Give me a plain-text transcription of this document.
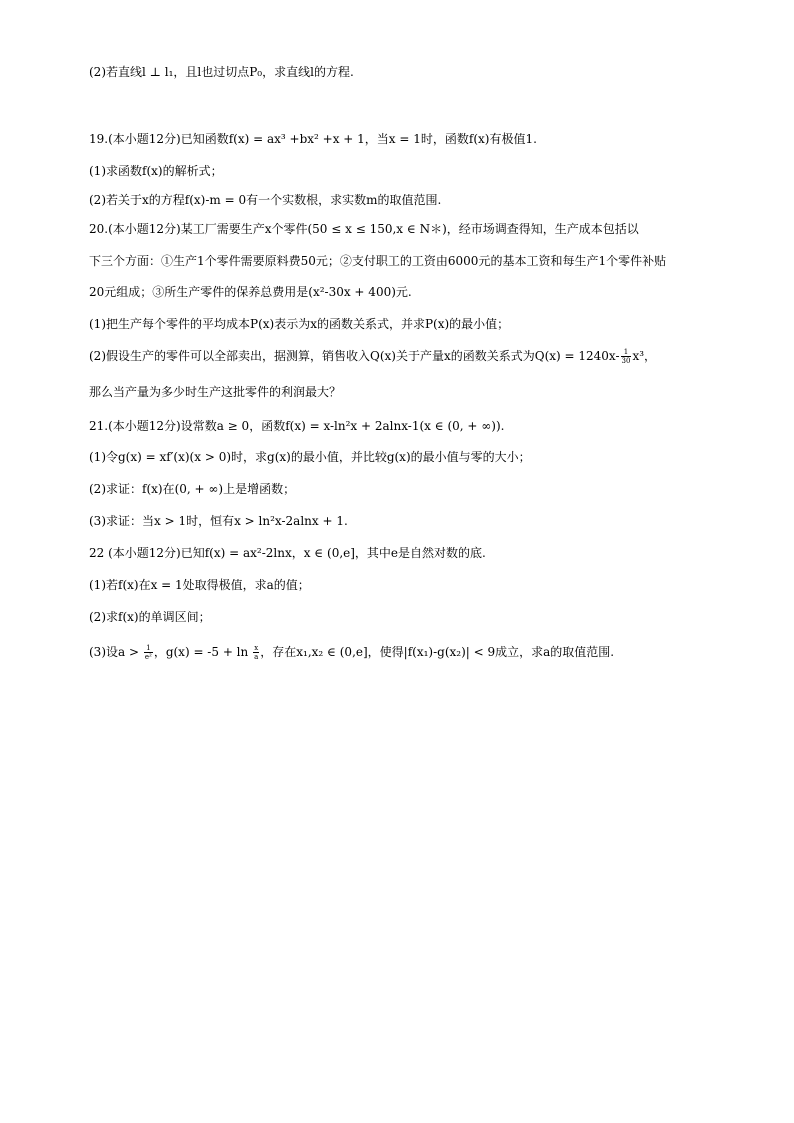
(2)若直线l ⊥ l₁，且l也过切点P₀，求直线l的方程.
19.(本小题12分)已知函数f(x) = ax³ +bx² +x + 1，当x = 1时，函数f(x)有极值1.
(1)求函数f(x)的解析式；
(2)若关于x的方程f(x)-m = 0有一个实数根，求实数m的取值范围.
20.(本小题12分)某工厂需要生产x个零件(50 ≤ x ≤ 150,x ∈ N＊)，经市场调查得知，生产成本包括以
下三个方面：①生产1个零件需要原料费50元；②支付职工的工资由6000元的基本工资和每生产1个零件补贴
20元组成；③所生产零件的保养总费用是(x²-30x + 400)元.
(1)把生产每个零件的平均成本P(x)表示为x的函数关系式，并求P(x)的最小值；
那么当产量为多少时生产这批零件的利润最大？
21.(本小题12分)设常数a ≥ 0，函数f(x) = x-ln²x + 2alnx-1(x ∈ (0, + ∞)).
(1)令g(x) = xf′(x)(x > 0)时，求g(x)的最小值，并比较g(x)的最小值与零的大小；
(2)求证：f(x)在(0, + ∞)上是增函数；
(3)求证：当x > 1时，恒有x > ln²x-2alnx + 1.
22 (本小题12分)已知f(x) = ax²-2lnx，x ∈ (0,e]，其中e是自然对数的底.
(1)若f(x)在x = 1处取得极值，求a的值；
(2)求f(x)的单调区间；
(2)假设生产的零件可以全部卖出，据测算，销售收入Q(x)关于产量x的函数关系式为$Q(x) = 1240x- \frac{1}{30} x^3$，
(3)设$a > \frac{1}{\text{e²}}$ ，$g(x) = -5 + \ln \frac{x}{a}$ ，存在x₁,x₂ ∈ (0,e]，使得|f(x₁)-g(x₂)| < 9成立，求a的取值范围.
